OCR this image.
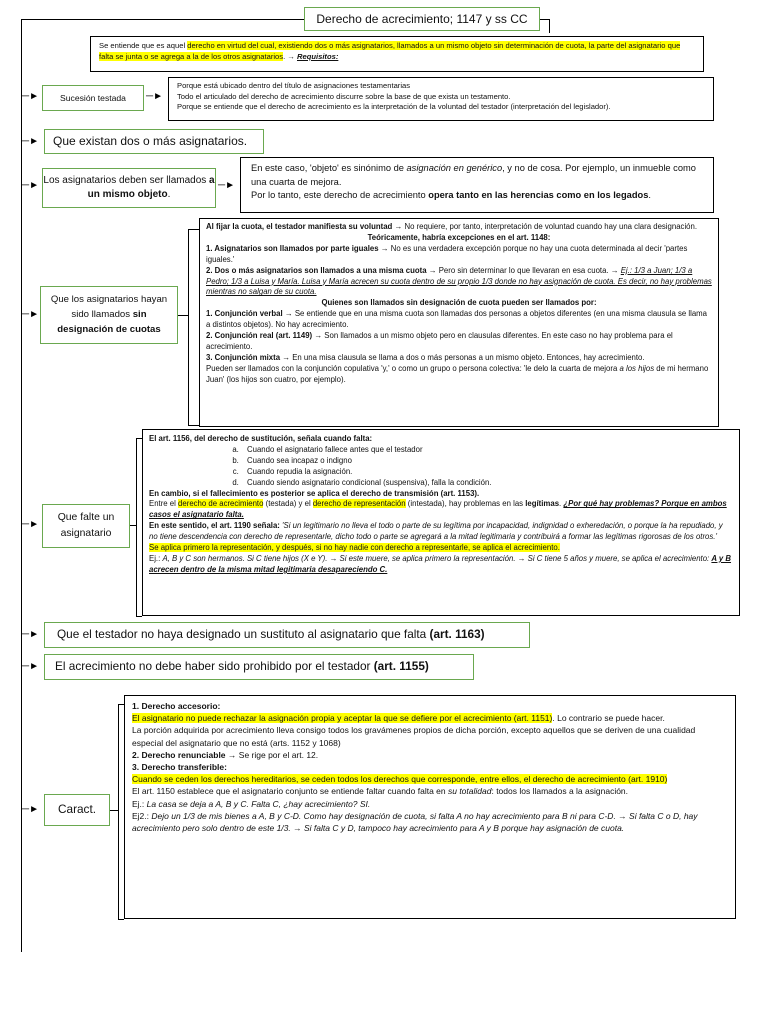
Derecho de acrecimiento; 1147 y ss CC
Se entiende que es aquel derecho en virtud del cual, existiendo dos o más asignatarios, llamados a un mismo objeto sin determinación de cuota, la parte del asignatario que falta se junta o se agrega a la de los otros asignatarios. → Requisitos:
─►	Sucesión testada	─►

Porque está ubicado dentro del título de asignaciones testamentarias

Todo el articulado del derecho de acrecimiento discurre sobre la base de que exista un testamento.

Porque se entiende que el derecho de acrecimiento es la interpretación de la voluntad del testador (interpretación del legislador).

─►	Que existan dos o más asignatarios.
─► Los asignatarios deben ser llamados a un mismo objeto.
─►

En este caso, 'objeto' es sinónimo de asignación en genérico, y no de cosa. Por ejemplo, un inmueble como una cuarta de mejora.

Por lo tanto, este derecho de acrecimiento opera tanto en las herencias como en los legados.

─►
Que los asignatarios hayan sido llamados sin designación de cuotas

Al fijar la cuota, el testador manifiesta su voluntad → No requiere, por tanto, interpretación de voluntad cuando hay una clara designación.

Teóricamente, habría excepciones en el art. 1148:

1. Asignatarios son llamados por parte iguales → No es una verdadera excepción porque no hay una cuota determinada al decir 'partes iguales.'

2. Dos o más asignatarios son llamados a una misma cuota → Pero sin determinar lo que llevaran en esa cuota. → Ej.: 1/3 a Juan; 1/3 a Pedro; 1/3 a Luisa y María. Luisa y María acrecen su cuota dentro de su propio 1/3 donde no hay asignación de cuota. Es decir, no hay problemas mientras no salgan de su cuota.

Quienes son llamados sin designación de cuota pueden ser llamados por:

1. Conjunción verbal → Se entiende que en una misma cuota son llamadas dos personas a objetos diferentes (en una misma clausula se llama a distintos objetos). No hay acrecimiento.

2. Conjunción real (art. 1149) → Son llamados a un mismo objeto pero en clausulas diferentes. En este caso no hay problema para el acrecimiento.

3. Conjunción mixta → En una misa clausula se llama a dos o más personas a un mismo objeto. Entonces, hay acrecimiento.

Pueden ser llamados con la conjunción copulativa 'y,' o como un grupo o persona colectiva: 'le delo la cuarta de mejora a los hijos de mi hermano Juan' (los hijos son cuatro, por ejemplo).

─►
Que falte un asignatario

El art. 1156, del derecho de sustitución, señala cuando falta:

a. Cuando el asignatario fallece antes que el testador
b. Cuando sea incapaz o indigno
c. Cuando repudia la asignación.
d. Cuando siendo asignatario condicional (suspensiva), falla la condición.

En cambio, si el fallecimiento es posterior se aplica el derecho de transmisión (art. 1153).

Entre el derecho de acrecimiento (testada) y el derecho de representación (intestada), hay problemas en las legítimas. ¿Por qué hay problemas? Porque en ambos casos el asignatario falta.

En este sentido, el art. 1190 señala: 'Si un legitimario no lleva el todo o parte de su legítima por incapacidad, indignidad o exheredación, o porque la ha repudiado, y no tiene descendencia con derecho de representarle, dicho todo o parte se agregará a la mitad legitimaria y contribuirá a formar las legítimas rigorosas de los otros.'

Se aplica primero la representación, y después, si no hay nadie con derecho a representarle, se aplica el acrecimiento.

Ej.: A, B y C son hermanos. Si C tiene hijos (X e Y). → Si este muere, se aplica primero la representación. → Si C tiene 5 años y muere, se aplica el acrecimiento: A y B acrecen dentro de la misma mitad legitimaria desapareciendo C.

─►	Que el testador no haya designado un sustituto al asignatario que falta (art. 1163)
─►	El acrecimiento no debe haber sido prohibido por el testador (art. 1155)
─►	Caract.

1. Derecho accesorio:

El asignatario no puede rechazar la asignación propia y aceptar la que se defiere por el acrecimiento (art. 1151). Lo contrario se puede hacer.

La porción adquirida por acrecimiento lleva consigo todos los gravámenes propios de dicha porción, excepto aquellos que se deriven de una cualidad especial del asignatario que no está (arts. 1152 y 1068)

2. Derecho renunciable → Se rige por el art. 12.

3. Derecho transferible:

Cuando se ceden los derechos hereditarios, se ceden todos los derechos que corresponde, entre ellos, el derecho de acrecimiento (art. 1910)

El art. 1150 establece que el asignatario conjunto se entiende faltar cuando falta en su totalidad: todos los llamados a la asignación.

Ej.: La casa se deja a A, B y C. Falta C, ¿hay acrecimiento? SI.

Ej2.: Dejo un 1/3 de mis bienes a A, B y C-D. Como hay designación de cuota, si falta A no hay acrecimiento para B ni para C-D. → Si falta C o D, hay acrecimiento pero solo dentro de este 1/3. → Si falta C y D, tampoco hay acrecimiento para A y B porque hay asignación de cuota.
